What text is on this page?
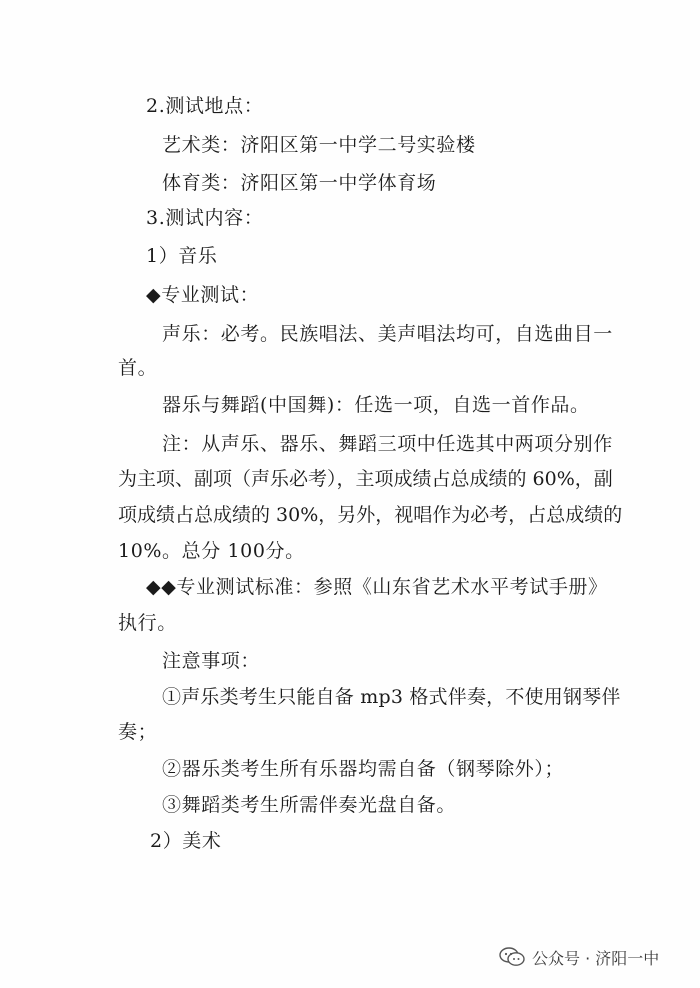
2.测试地点：
艺术类：济阳区第一中学二号实验楼
体育类：济阳区第一中学体育场
3.测试内容：
1）音乐
◆专业测试：
声乐：必考。民族唱法、美声唱法均可，自选曲目一
首。
器乐与舞蹈(中国舞)：任选一项，自选一首作品。
注：从声乐、器乐、舞蹈三项中任选其中两项分别作
为主项、副项（声乐必考），主项成绩占总成绩的 60%，副
项成绩占总成绩的 30%，另外，视唱作为必考，占总成绩的
10%。总分 100分。
◆◆专业测试标准：参照《山东省艺术水平考试手册》
执行。
注意事项：
①声乐类考生只能自备 mp3 格式伴奏，不使用钢琴伴
奏；
②器乐类考生所有乐器均需自备（钢琴除外）；
③舞蹈类考生所需伴奏光盘自备。
2）美术
公众号 · 济阳一中
